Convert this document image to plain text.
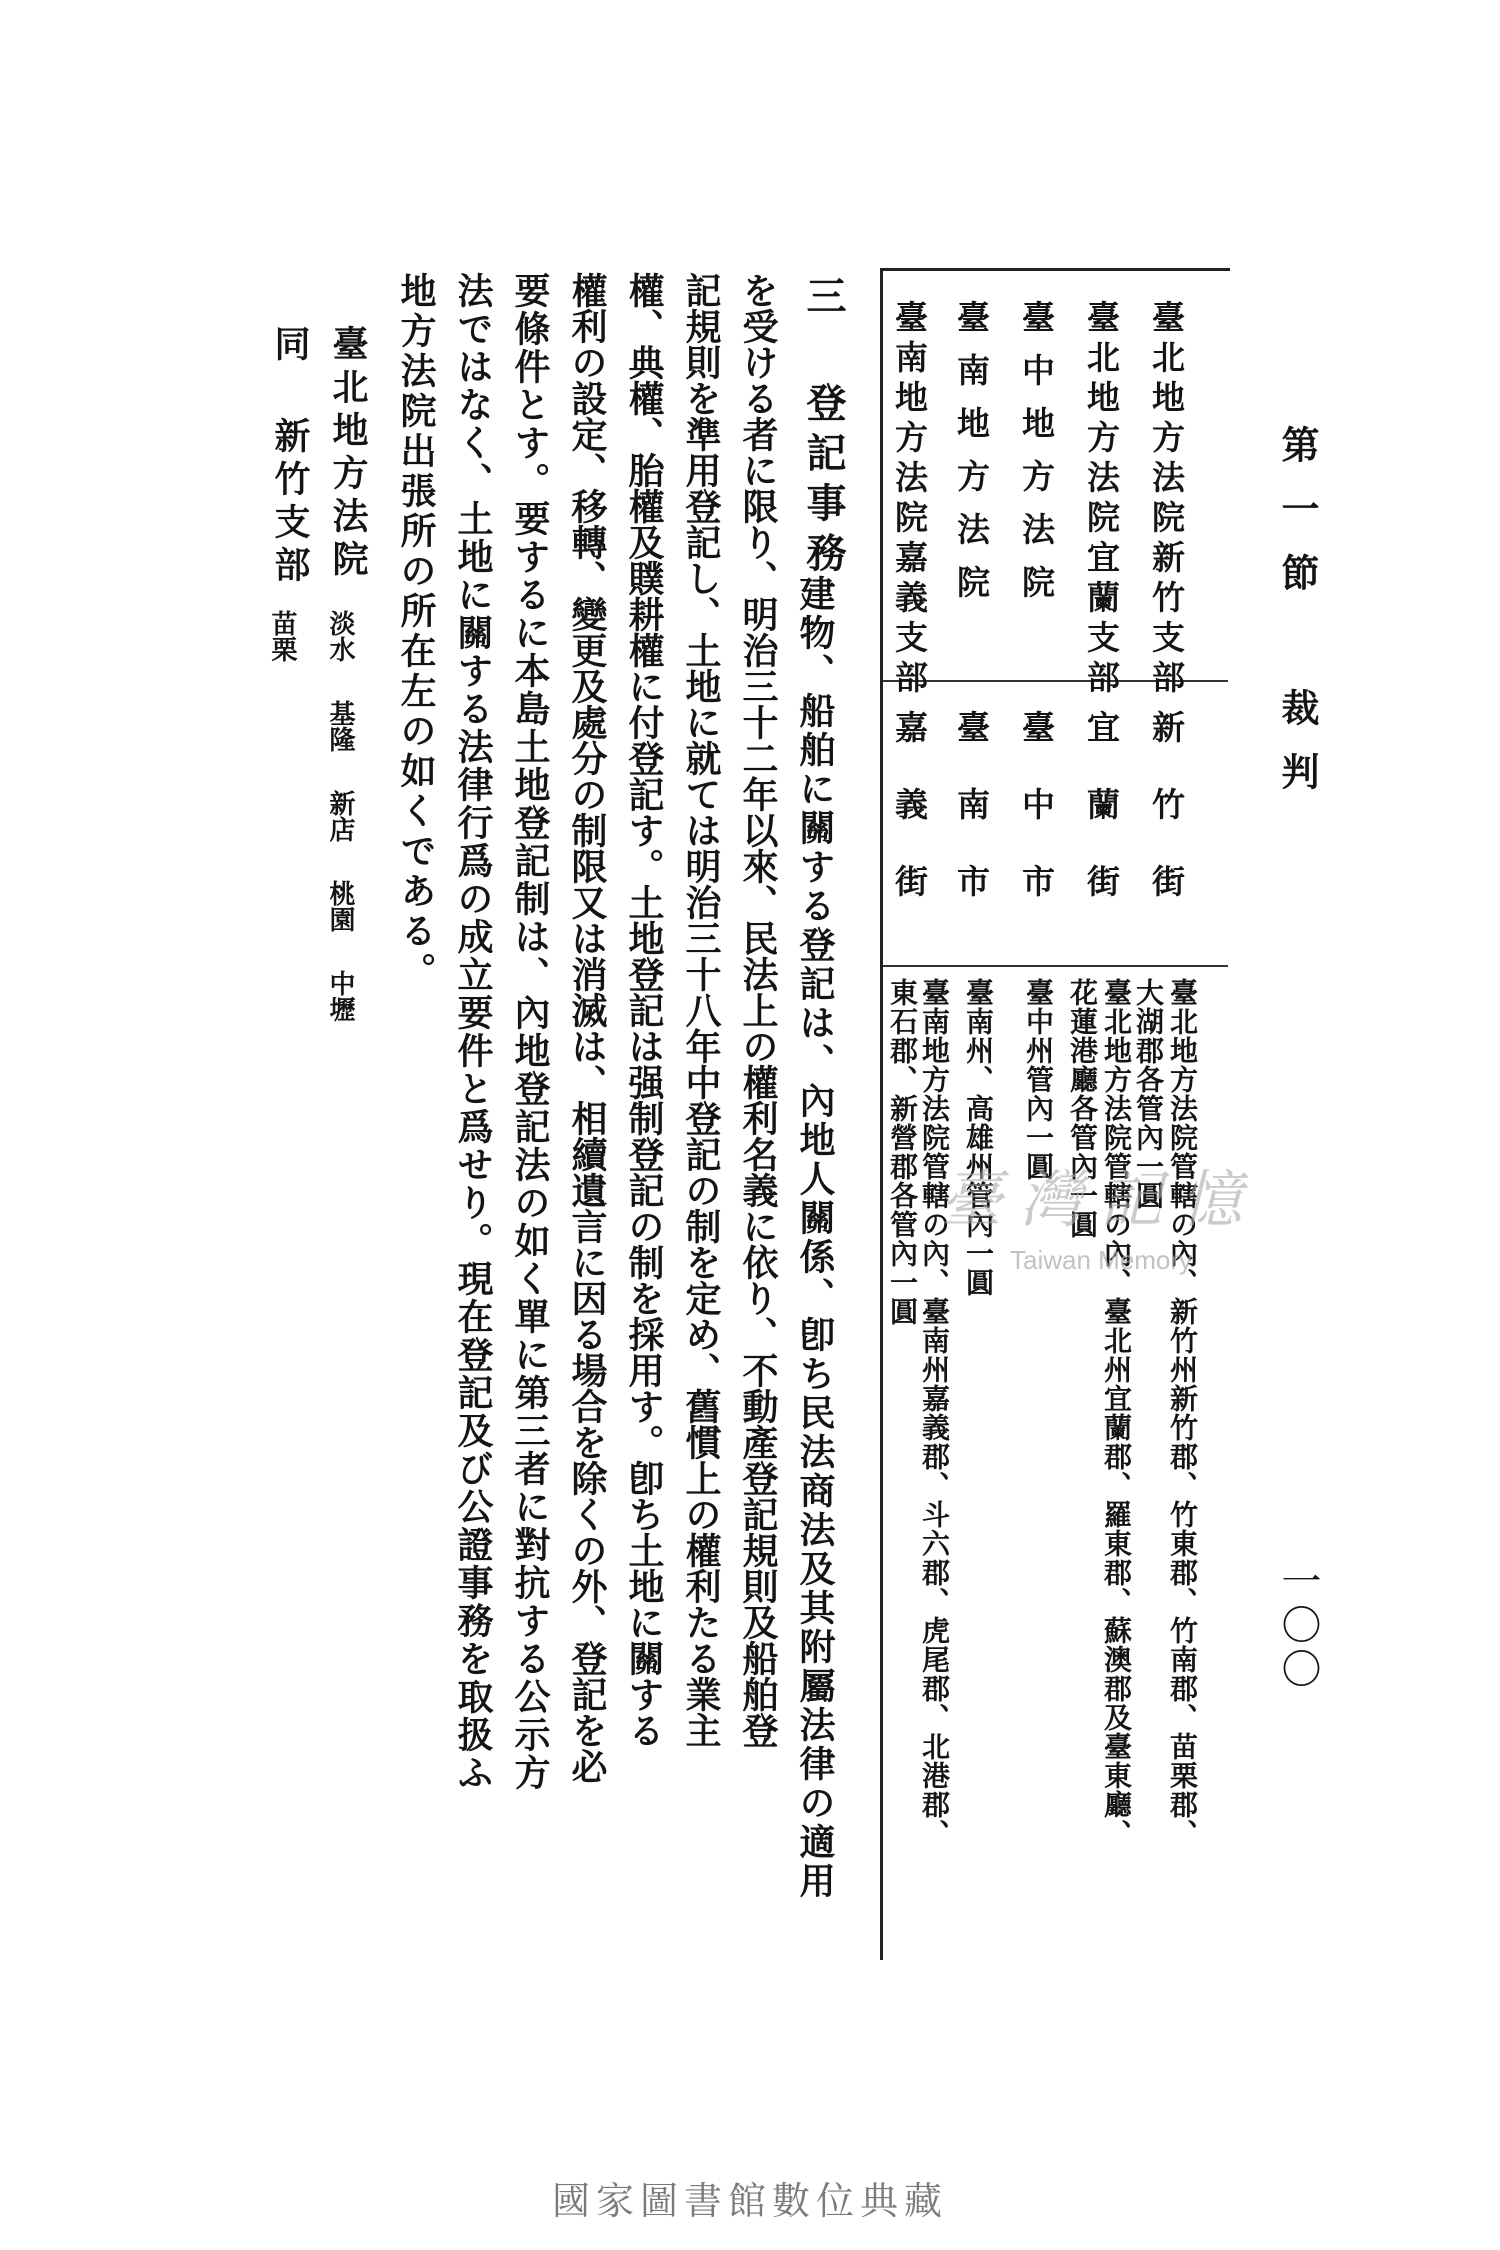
第一節 裁判
一〇〇
臺北地方法院新竹支部
臺北地方法院宜蘭支部
臺中地方法院
臺南地方法院
臺南地方法院嘉義支部
新竹街
宜蘭街
臺中市
臺南市
嘉義街
臺北地方法院管轄の內、新竹州新竹郡、竹東郡、竹南郡、苗栗郡、
大湖郡各管內一圓
臺北地方法院管轄の內、臺北州宜蘭郡、羅東郡、蘇澳郡及臺東廳、
花蓮港廳各管內一圓
臺中州管內一圓
臺南州、高雄州管內一圓
臺南地方法院管轄の內、臺南州嘉義郡、斗六郡、虎尾郡、北港郡、
東石郡、新營郡各管內一圓
三 登記事務
建物、船舶に關する登記は、內地人關係、卽ち民法商法及其附屬法律の適用
を受ける者に限り、明治三十二年以來、民法上の權利名義に依り、不動產登記規則及船舶登
記規則を準用登記し、土地に就ては明治三十八年中登記の制を定め、舊慣上の權利たる業主
權、典權、胎權及贌耕權に付登記す。土地登記は强制登記の制を採用す。卽ち土地に關する
權利の設定、移轉、變更及處分の制限又は消滅は、相續遺言に因る場合を除くの外、登記を必
要條件とす。要するに本島土地登記制は、內地登記法の如く單に第三者に對抗する公示方
法ではなく、土地に關する法律行爲の成立要件と爲せり。現在登記及び公證事務を取扱ふ
地方法院出張所の所在左の如くである。
臺北地方法院
淡水
基隆
新店
桃園
中壢
同 新竹支部
苗栗
臺灣記憶
Taiwan Memory
國家圖書館數位典藏
